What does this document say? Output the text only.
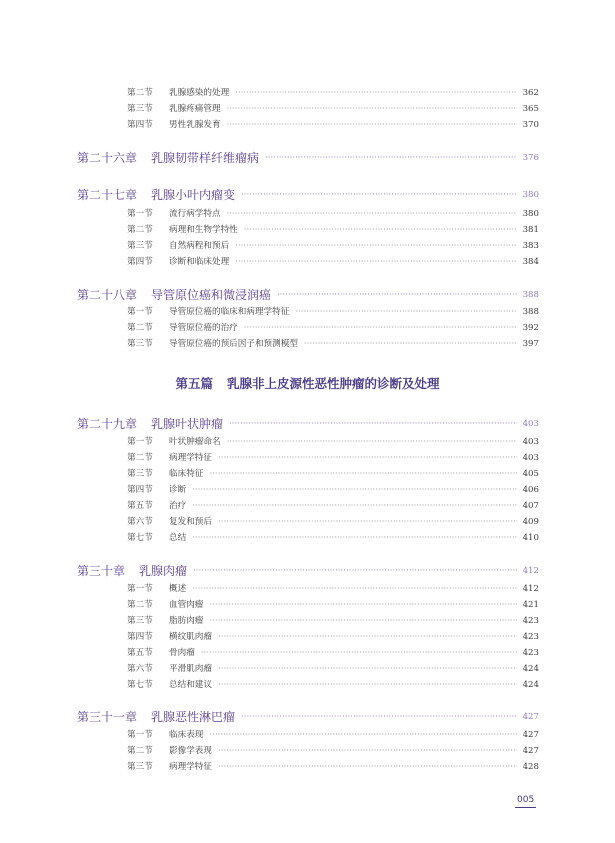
第二节	乳腺感染的处理 ·····	362
第三节	乳腺疼痛管理 ·····	365
第四节	男性乳腺发育 ·····	370
第二十六章 乳腺韧带样纤维瘤病 ·····	376
第二十七章 乳腺小叶内瘤变 ·····	380
第一节	流行病学特点 ·····	380
第二节	病理和生物学特性 ·····	381
第三节	自然病程和预后 ·····	383
第四节	诊断和临床处理 ·····	384
第二十八章 导管原位癌和微浸润癌 ·····	388
第一节	导管原位癌的临床和病理学特征 ·····	388
第二节	导管原位癌的治疗 ·····	392
第三节	导管原位癌的预后因子和预测模型 ·····	397
第二十九章 乳腺叶状肿瘤 ·····	403
第一节	叶状肿瘤命名 ·····	403
第二节	病理学特征 ·····	403
第三节	临床特征 ·····	405
第四节	诊断 ·····	406
第五节	治疗 ·····	407
第六节	复发和预后 ·····	409
第七节	总结 ·····	410
第三十章 乳腺肉瘤 ·····	412
第一节	概述 ·····	412
第二节	血管肉瘤 ·····	421
第三节	脂肪肉瘤 ·····	423
第四节	横纹肌肉瘤 ·····	423
第五节	骨肉瘤 ·····	423
第六节	平滑肌肉瘤 ·····	424
第七节	总结和建议 ·····	424
第三十一章 乳腺恶性淋巴瘤 ·····	427
第一节	临床表现 ·····	427
第二节	影像学表现 ·····	427
第三节	病理学特征 ·····	428
第五篇 乳腺非上皮源性恶性肿瘤的诊断及处理
005
